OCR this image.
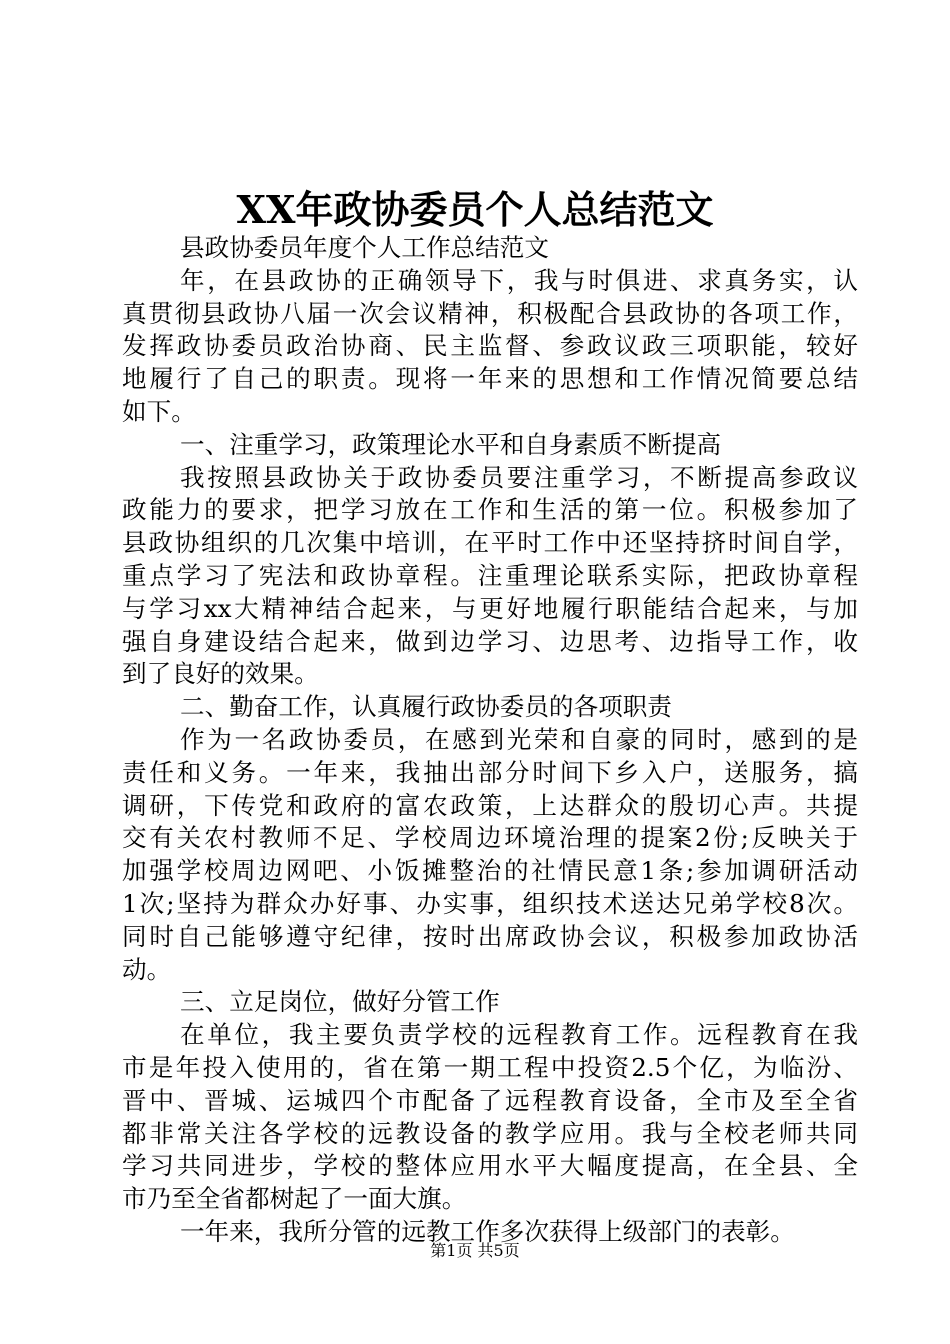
XX年政协委员个人总结范文
县政协委员年度个人工作总结范文
年，在县政协的正确领导下，我与时俱进、求真务实，认
真贯彻县政协八届一次会议精神，积极配合县政协的各项工作，
发挥政协委员政治协商、民主监督、参政议政三项职能，较好
地履行了自己的职责。现将一年来的思想和工作情况简要总结
如下。
一、注重学习，政策理论水平和自身素质不断提高
我按照县政协关于政协委员要注重学习，不断提高参政议
政能力的要求，把学习放在工作和生活的第一位。积极参加了
县政协组织的几次集中培训，在平时工作中还坚持挤时间自学，
重点学习了宪法和政协章程。注重理论联系实际，把政协章程
与学习xx大精神结合起来，与更好地履行职能结合起来，与加
强自身建设结合起来，做到边学习、边思考、边指导工作，收
到了良好的效果。
二、勤奋工作，认真履行政协委员的各项职责
作为一名政协委员，在感到光荣和自豪的同时，感到的是
责任和义务。一年来，我抽出部分时间下乡入户，送服务，搞
调研，下传党和政府的富农政策，上达群众的殷切心声。共提
交有关农村教师不足、学校周边环境治理的提案2份;反映关于
加强学校周边网吧、小饭摊整治的社情民意1条;参加调研活动
1次;坚持为群众办好事、办实事，组织技术送达兄弟学校8次。
同时自己能够遵守纪律，按时出席政协会议，积极参加政协活
动。
三、立足岗位，做好分管工作
在单位，我主要负责学校的远程教育工作。远程教育在我
市是年投入使用的，省在第一期工程中投资2.5个亿，为临汾、
晋中、晋城、运城四个市配备了远程教育设备，全市及至全省
都非常关注各学校的远教设备的教学应用。我与全校老师共同
学习共同进步，学校的整体应用水平大幅度提高，在全县、全
市乃至全省都树起了一面大旗。
一年来，我所分管的远教工作多次获得上级部门的表彰。
第1页 共5页
